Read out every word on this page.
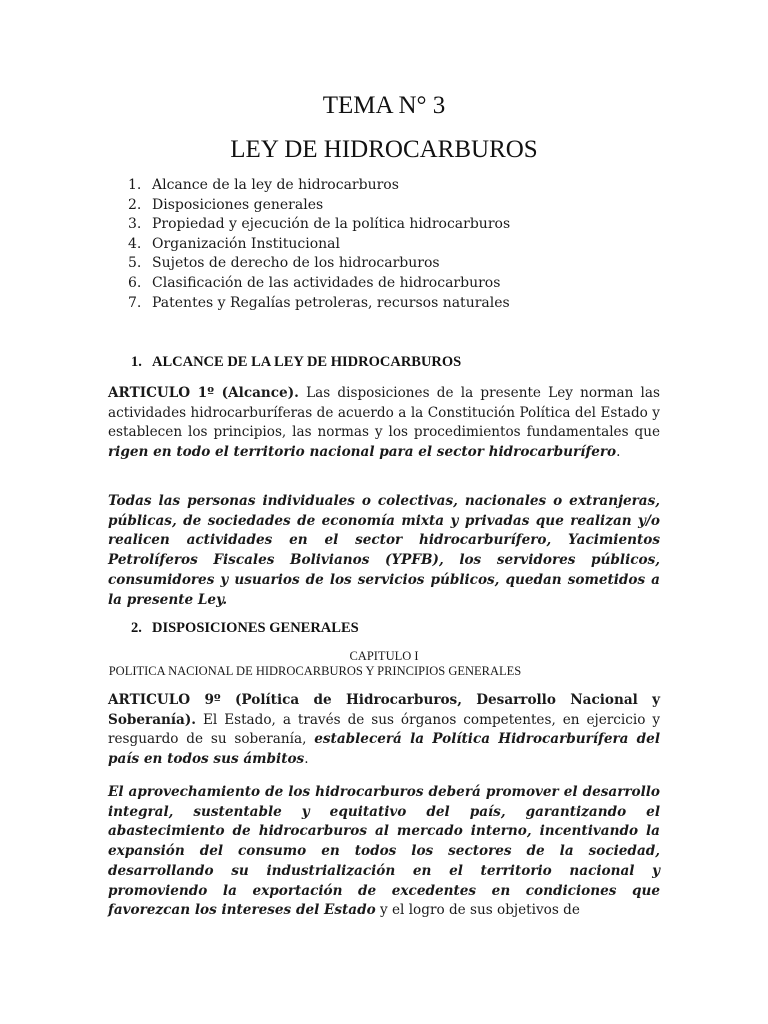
TEMA N° 3
LEY DE HIDROCARBUROS
1. Alcance de la ley de hidrocarburos
2. Disposiciones generales
3. Propiedad y ejecución de la política hidrocarburos
4. Organización Institucional
5. Sujetos de derecho de los hidrocarburos
6. Clasificación de las actividades de hidrocarburos
7. Patentes y Regalías petroleras, recursos naturales
1. ALCANCE DE LA LEY DE HIDROCARBUROS

ARTICULO 1º (Alcance). Las disposiciones de la presente Ley norman las actividades hidrocarburíferas de acuerdo a la Constitución Política del Estado y establecen los principios, las normas y los procedimientos fundamentales que rigen en todo el territorio nacional para el sector hidrocarburífero.

Todas las personas individuales o colectivas, nacionales o extranjeras, públicas, de sociedades de economía mixta y privadas que realizan y/o realicen actividades en el sector hidrocarburífero, Yacimientos Petrolíferos Fiscales Bolivianos (YPFB), los servidores públicos, consumidores y usuarios de los servicios públicos, quedan sometidos a la presente Ley.

2. DISPOSICIONES GENERALES

CAPITULO I

POLITICA NACIONAL DE HIDROCARBUROS Y PRINCIPIOS GENERALES

ARTICULO 9º (Política de Hidrocarburos, Desarrollo Nacional y Soberanía). El Estado, a través de sus órganos competentes, en ejercicio y resguardo de su soberanía, establecerá la Política Hidrocarburífera del país en todos sus ámbitos.

El aprovechamiento de los hidrocarburos deberá promover el desarrollo integral, sustentable y equitativo del país, garantizando el abastecimiento de hidrocarburos al mercado interno, incentivando la expansión del consumo en todos los sectores de la sociedad, desarrollando su industrialización en el territorio nacional y promoviendo la exportación de excedentes en condiciones que favorezcan los intereses del Estado y el logro de sus objetivos de
